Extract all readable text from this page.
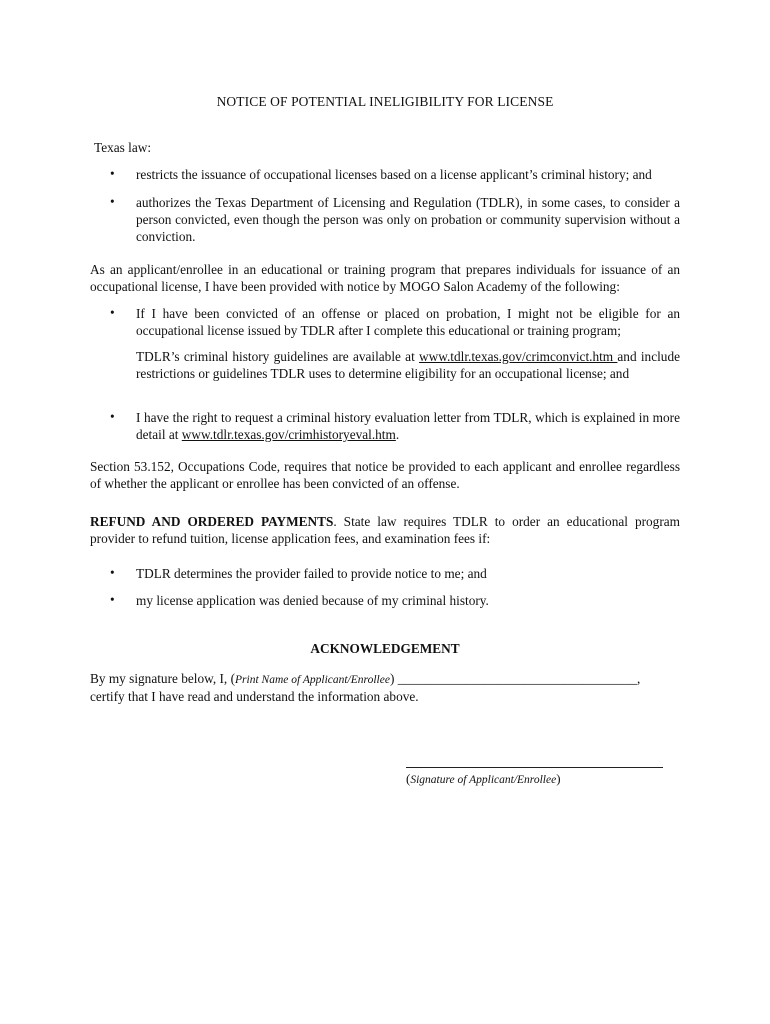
NOTICE OF POTENTIAL INELIGIBILITY FOR LICENSE
Texas law:
• restricts the issuance of occupational licenses based on a license applicant’s criminal history; and
• authorizes the Texas Department of Licensing and Regulation (TDLR), in some cases, to consider a person convicted, even though the person was only on probation or community supervision without a conviction.
As an applicant/enrollee in an educational or training program that prepares individuals for issuance of an occupational license, I have been provided with notice by MOGO Salon Academy of the following:
• If I have been convicted of an offense or placed on probation, I might not be eligible for an occupational license issued by TDLR after I complete this educational or training program;
TDLR’s criminal history guidelines are available at www.tdlr.texas.gov/crimconvict.htm and include restrictions or guidelines TDLR uses to determine eligibility for an occupational license; and
• I have the right to request a criminal history evaluation letter from TDLR, which is explained in more detail at www.tdlr.texas.gov/crimhistoryeval.htm.
Section 53.152, Occupations Code, requires that notice be provided to each applicant and enrollee regardless of whether the applicant or enrollee has been convicted of an offense.
REFUND AND ORDERED PAYMENTS. State law requires TDLR to order an educational program provider to refund tuition, license application fees, and examination fees if:
• TDLR determines the provider failed to provide notice to me; and
• my license application was denied because of my criminal history.
ACKNOWLEDGEMENT
By my signature below, I, (Print Name of Applicant/Enrollee) ____________________________________,
certify that I have read and understand the information above.
(Signature of Applicant/Enrollee)
